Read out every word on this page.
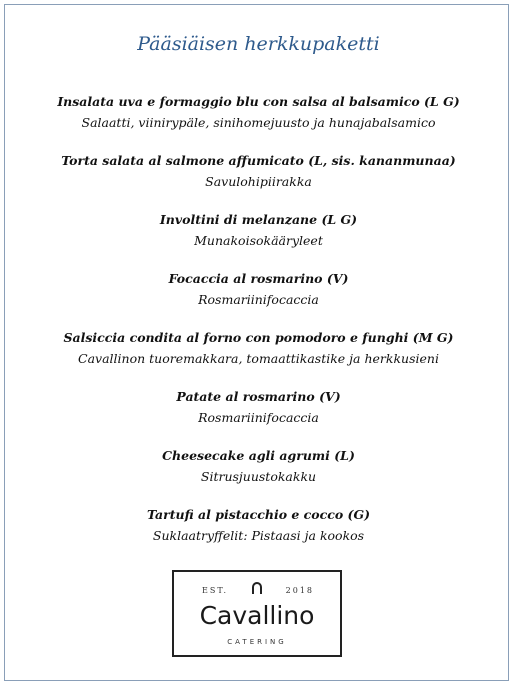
Pääsiäisen herkkupaketti
Insalata uva e formaggio blu con salsa al balsamico (L G)
Salaatti, viinirypäle, sinihomejuusto ja hunajabalsamico
Torta salata al salmone affumicato (L, sis. kananmunaa)
Savulohipiirakka
Involtini di melanzane (L G)
Munakoisokääryleet
Focaccia al rosmarino (V)
Rosmariinifocaccia
Salsiccia condita al forno con pomodoro e funghi (M G)
Cavallinon tuoremakkara, tomaattikastike ja herkkusieni
Patate al rosmarino (V)
Rosmariinifocaccia
Cheesecake agli agrumi (L)
Sitrusjuustokakku
Tartufi al pistacchio e cocco (G)
Suklaatryffelit: Pistaasi ja kookos
EST.	2018
Cavallino
CATERING
